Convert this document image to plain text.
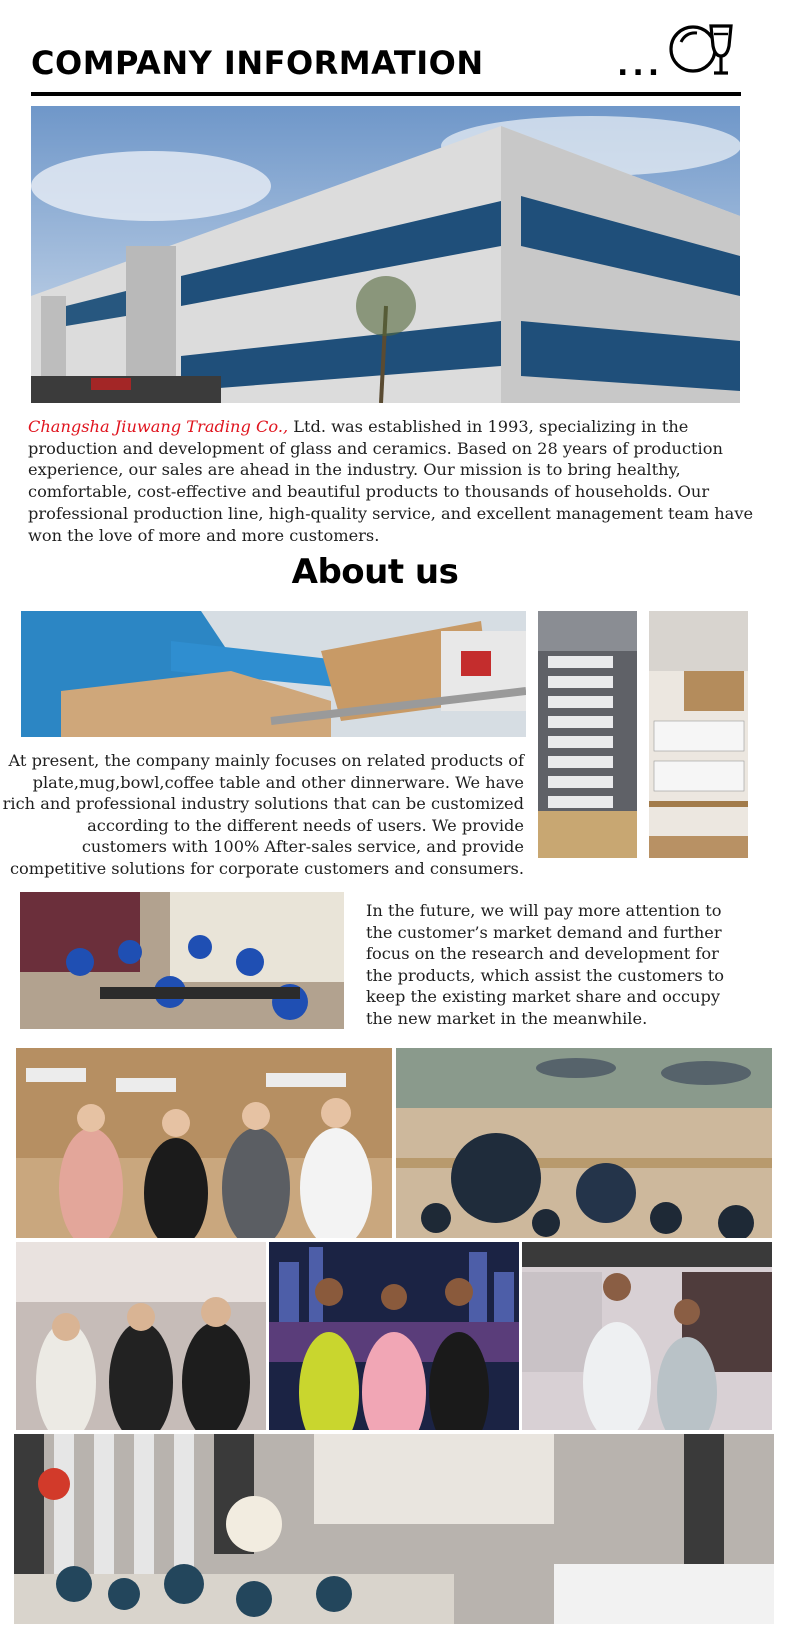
COMPANY INFORMATION	...
Changsha Jiuwang Trading Co., Ltd. was established in 1993, specializing in the production and development of glass and ceramics. Based on 28 years of production experience, our sales are ahead in the industry. Our mission is to bring healthy, comfortable, cost-effective and beautiful products to thousands of households. Our professional production line, high-quality service, and excellent management team have won the love of more and more customers.
About us
At present, the company mainly focuses on related products of plate,mug,bowl,coffee table and other dinnerware. We have rich and professional industry solutions that can be customized according to the different needs of users. We provide customers with 100% After-sales service, and provide competitive solutions for corporate customers and consumers.
In the future, we will pay more attention to the customer’s market demand and further focus on the research and development for the products, which assist the customers to keep the existing market share and occupy the new market in the meanwhile.
